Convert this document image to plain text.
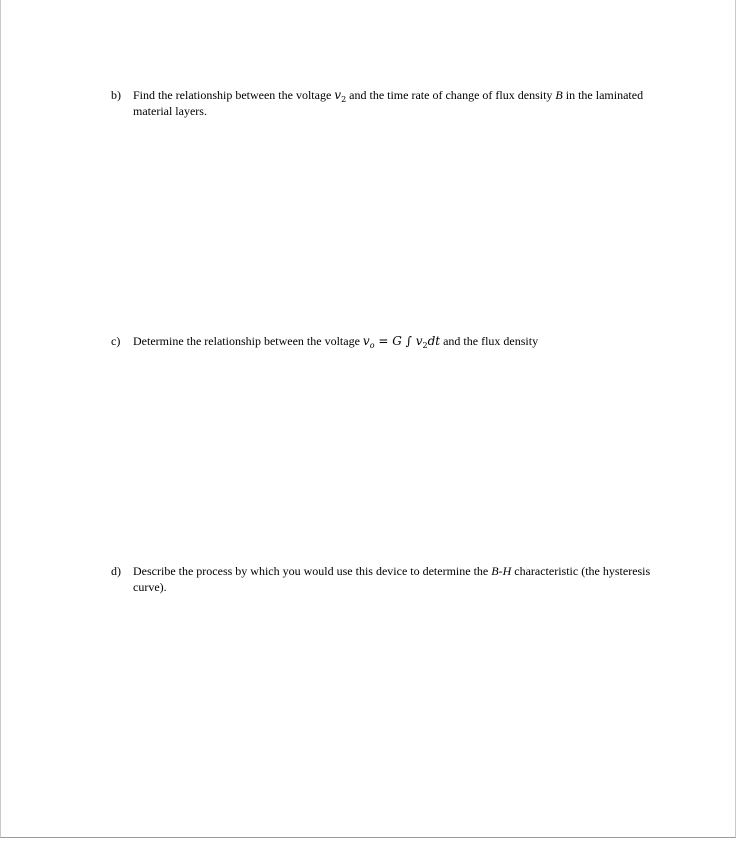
b)	Find the relationship between the voltage $v_2$ and the time rate of change of flux density B in the laminated material layers.
c)	Determine the relationship between the voltage $v_o = G$ ∫ $v_2dt$ and the flux density
d)	Describe the process by which you would use this device to determine the B-H characteristic (the hysteresis curve).
